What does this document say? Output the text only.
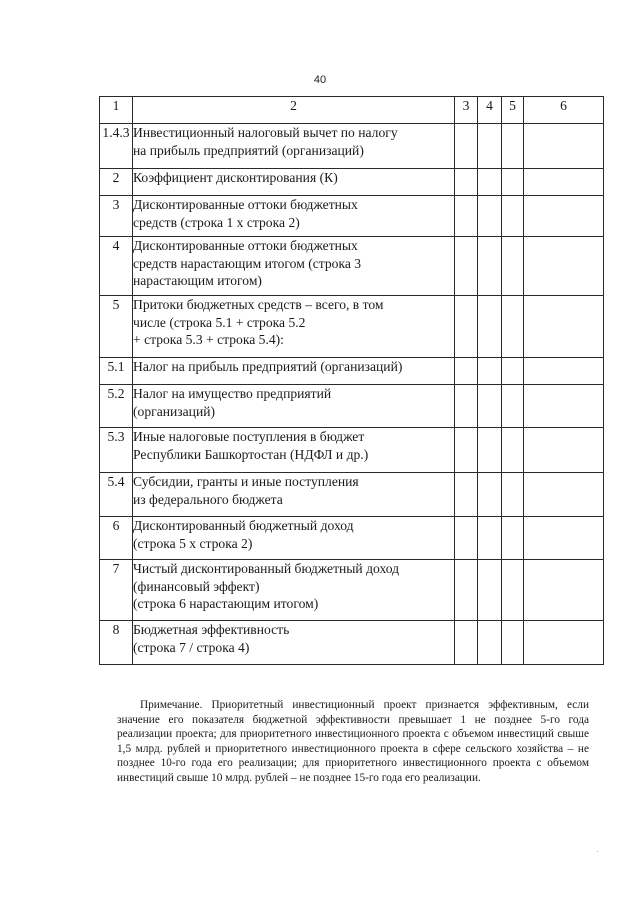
40
1	2	3	4	5	6
1.4.3	Инвестиционный налоговый вычет по налогу
на прибыль предприятий (организаций)				

2	Коэффициент дисконтирования (К)				

3	Дисконтированные оттоки бюджетных
средств (строка 1 х строка 2)				

4	Дисконтированные оттоки бюджетных
средств нарастающим итогом (строка 3
нарастающим итогом)				

5	Притоки бюджетных средств – всего, в том
числе (строка 5.1 + строка 5.2
+ строка 5.3 + строка 5.4):				

5.1	Налог на прибыль предприятий (организаций)				

5.2	Налог на имущество предприятий
(организаций)				

5.3	Иные налоговые поступления в бюджет
Республики Башкортостан (НДФЛ и др.)				

5.4	Субсидии, гранты и иные поступления
из федерального бюджета				

6	Дисконтированный бюджетный доход
(строка 5 х строка 2)				

7	Чистый дисконтированный бюджетный доход
(финансовый эффект)
(строка 6 нарастающим итогом)				

8	Бюджетная эффективность
(строка 7 / строка 4)				

Примечание. Приоритетный инвестиционный проект признается эффективным, если значение его показателя бюджетной эффективности превышает 1 не позднее 5-го года реализации проекта; для приоритетного инвестиционного проекта с объемом инвестиций свыше 1,5 млрд. рублей и приоритетного инвестиционного проекта в сфере сельского хозяйства – не позднее 10-го года его реализации; для приоритетного инвестиционного проекта с объемом инвестиций свыше 10 млрд. рублей – не позднее 15-го года его реализации.
·
